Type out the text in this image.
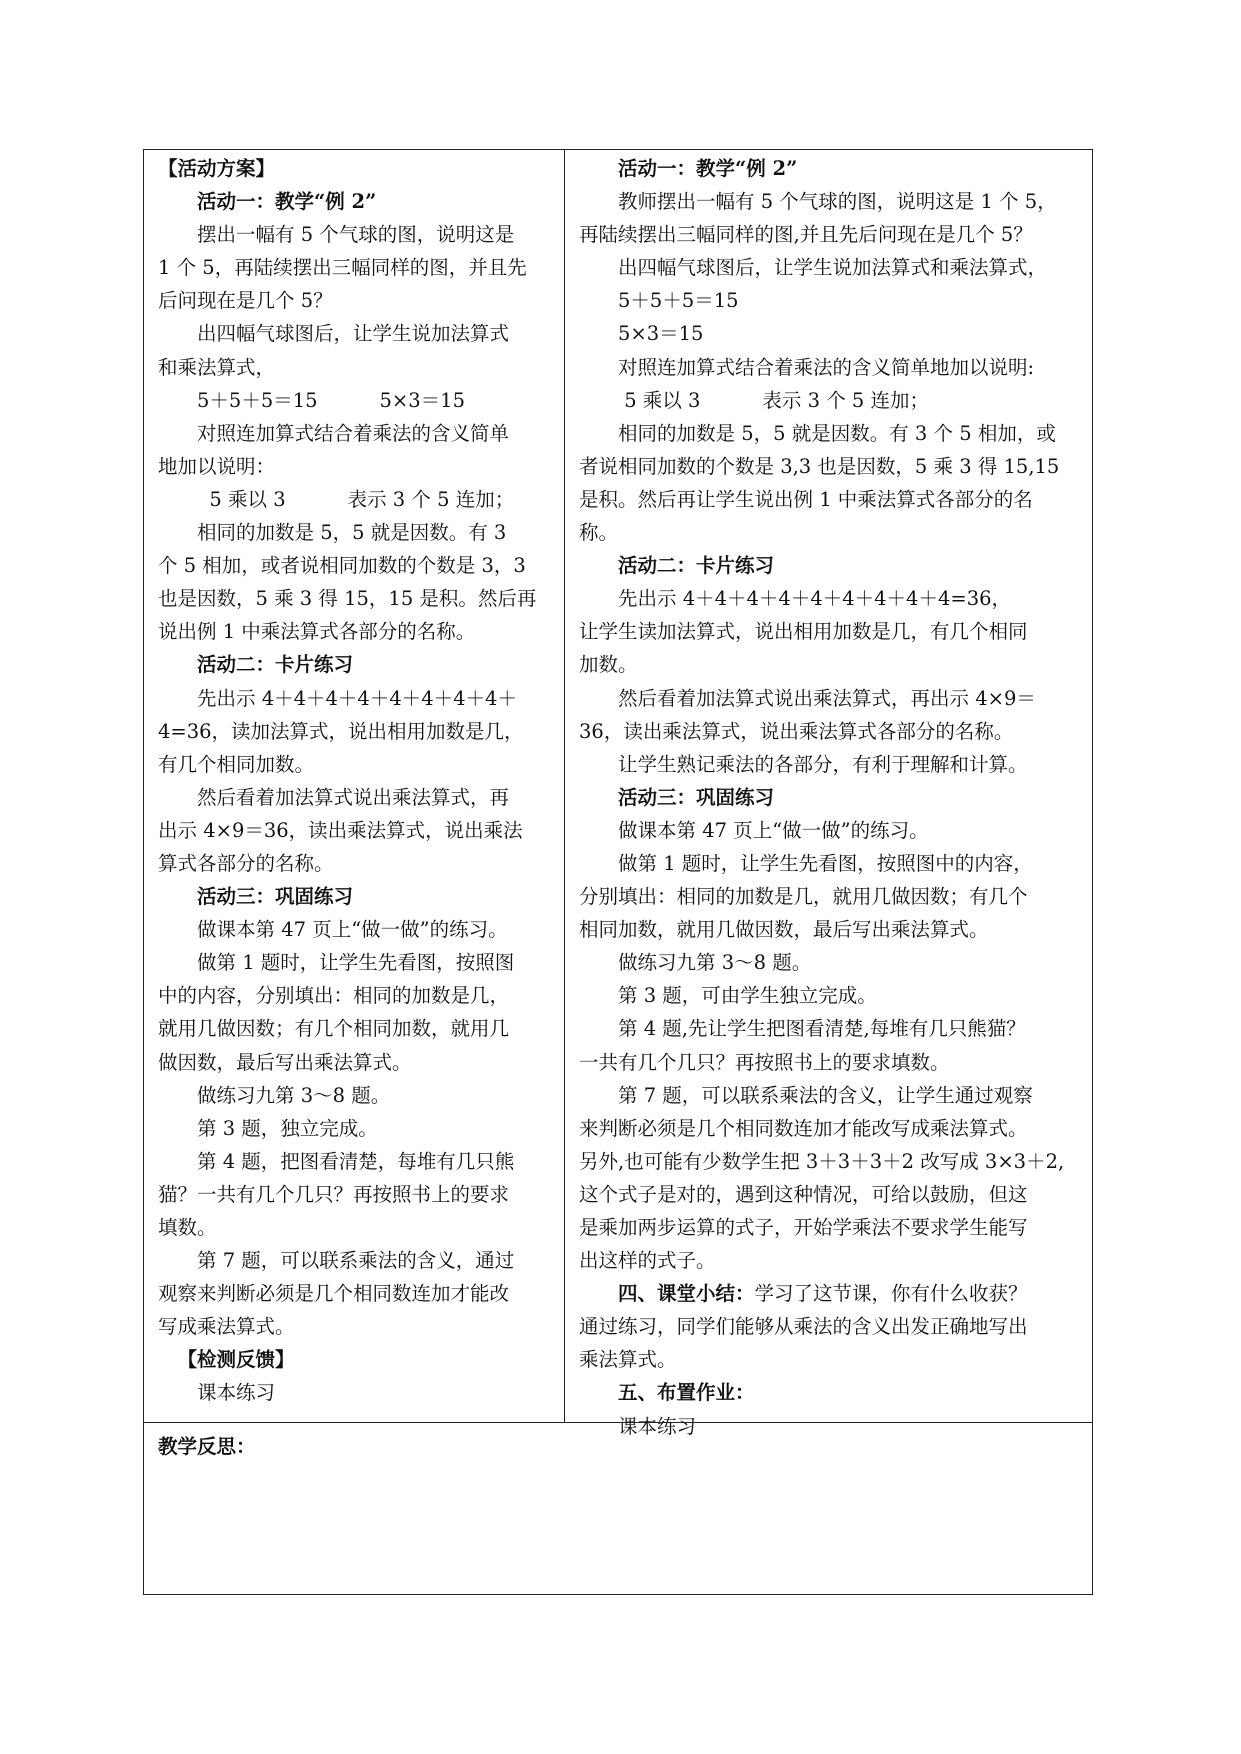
【活动方案】

活动一：教学“例 2”

摆出一幅有 5 个气球的图，说明这是

1 个 5，再陆续摆出三幅同样的图，并且先

后问现在是几个 5？

出四幅气球图后，让学生说加法算式

和乘法算式，

5＋5＋5＝15          5×3＝15

对照连加算式结合着乘法的含义简单

地加以说明：

5 乘以 3          表示 3 个 5 连加；

相同的加数是 5，5 就是因数。有 3

个 5 相加，或者说相同加数的个数是 3，3

也是因数，5 乘 3 得 15，15 是积。然后再

说出例 1 中乘法算式各部分的名称。

活动二：卡片练习

先出示 4＋4＋4＋4＋4＋4＋4＋4＋

4=36，读加法算式，说出相用加数是几，

有几个相同加数。

然后看着加法算式说出乘法算式，再

出示 4×9＝36，读出乘法算式，说出乘法

算式各部分的名称。

活动三：巩固练习

做课本第 47 页上“做一做”的练习。

做第 1 题时，让学生先看图，按照图

中的内容，分别填出：相同的加数是几，

就用几做因数；有几个相同加数，就用几

做因数，最后写出乘法算式。

做练习九第 3～8 题。

第 3 题，独立完成。

第 4 题，把图看清楚，每堆有几只熊

猫？一共有几个几只？再按照书上的要求

填数。

第 7 题，可以联系乘法的含义，通过

观察来判断必须是几个相同数连加才能改

写成乘法算式。

【检测反馈】

课本练习

活动一：教学“例 2”

教师摆出一幅有 5 个气球的图，说明这是 1 个 5，

再陆续摆出三幅同样的图,并且先后问现在是几个 5？

出四幅气球图后，让学生说加法算式和乘法算式，

5＋5＋5＝15

5×3＝15

对照连加算式结合着乘法的含义简单地加以说明:

5 乘以 3          表示 3 个 5 连加；

相同的加数是 5，5 就是因数。有 3 个 5 相加，或

者说相同加数的个数是 3,3 也是因数，5 乘 3 得 15,15

是积。然后再让学生说出例 1 中乘法算式各部分的名

称。

活动二：卡片练习

先出示 4＋4＋4＋4＋4＋4＋4＋4＋4=36，

让学生读加法算式，说出相用加数是几，有几个相同

加数。

然后看着加法算式说出乘法算式，再出示 4×9＝

36，读出乘法算式，说出乘法算式各部分的名称。

让学生熟记乘法的各部分，有利于理解和计算。

活动三：巩固练习

做课本第 47 页上“做一做”的练习。

做第 1 题时，让学生先看图，按照图中的内容，

分别填出：相同的加数是几，就用几做因数；有几个

相同加数，就用几做因数，最后写出乘法算式。

做练习九第 3～8 题。

第 3 题，可由学生独立完成。

第 4 题,先让学生把图看清楚,每堆有几只熊猫？

一共有几个几只？再按照书上的要求填数。

第 7 题，可以联系乘法的含义，让学生通过观察

来判断必须是几个相同数连加才能改写成乘法算式。

另外,也可能有少数学生把 3＋3＋3＋2 改写成 3×3＋2,

这个式子是对的，遇到这种情况，可给以鼓励，但这

是乘加两步运算的式子，开始学乘法不要求学生能写

出这样的式子。

四、课堂小结：学习了这节课，你有什么收获？

通过练习，同学们能够从乘法的含义出发正确地写出

乘法算式。

五、布置作业：

课本练习

教学反思：
